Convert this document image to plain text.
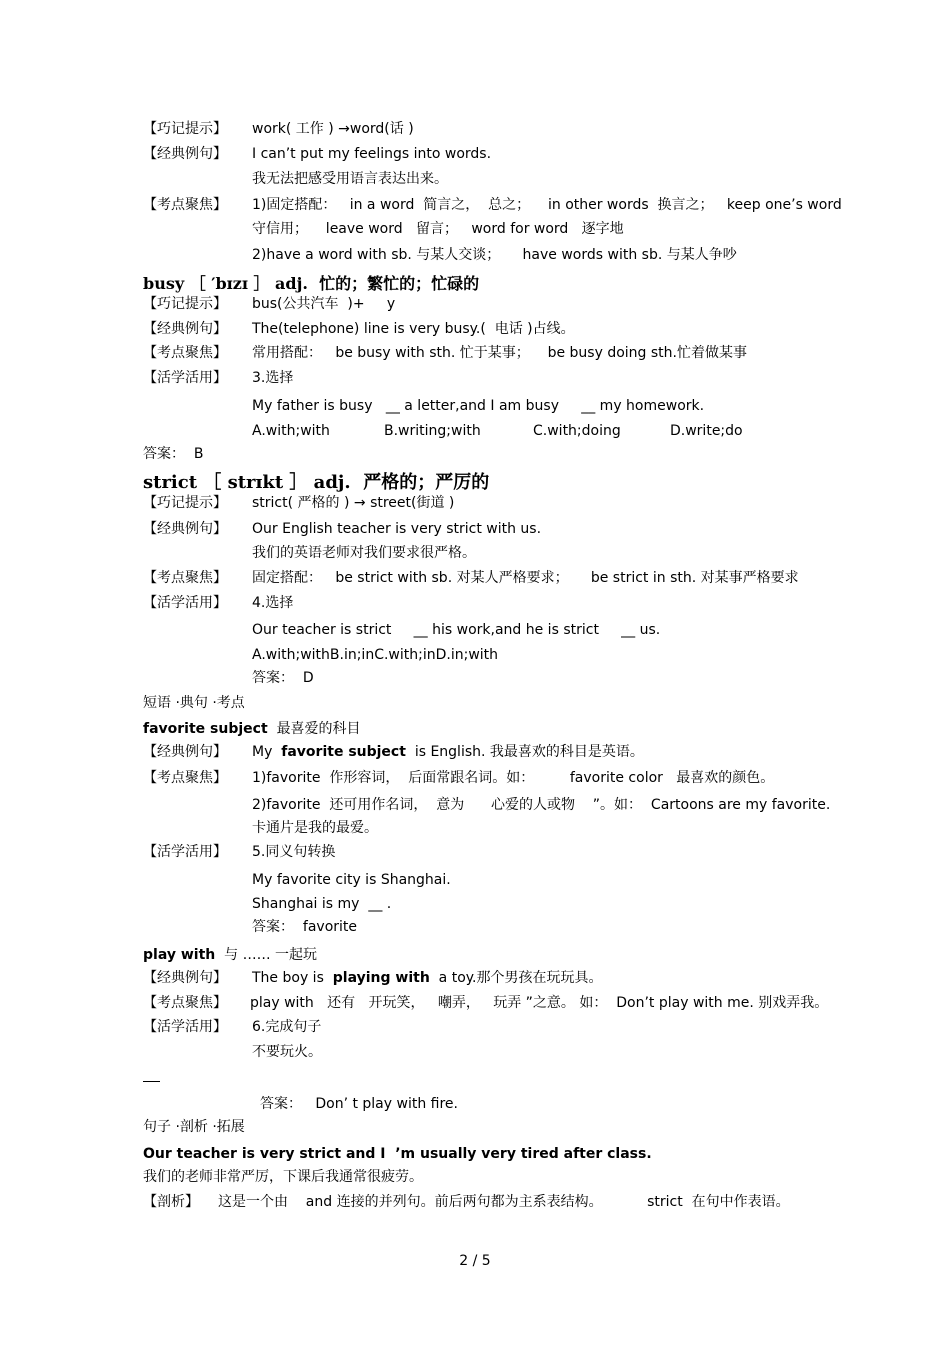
【巧记提示】 work( 工作 ) →word(话 )
【经典例句】 I can’t put my feelings into words.
我无法把感受用语言表达出来。
【考点聚焦】 1)固定搭配：   in a word  简言之，  总之；    in other words  换言之；   keep one’s word
守信用；    leave word   留言；   word for word   逐字地
2)have a word with sb. 与某人交谈；     have words with sb. 与某人争吵
busy ［ ′bɪzɪ ］ adj.  忙的；繁忙的；忙碌的
【巧记提示】 bus(公共汽车  )+     y
【经典例句】 The(telephone) line is very busy.(  电话 )占线。
【考点聚焦】 常用搭配：   be busy with sth. 忙于某事；    be busy doing sth.忙着做某事
【活学活用】 3.选择
My father is busy   __ a letter,and I am busy     __ my homework.
A.with;with	B.writing;with	C.with;doing	D.write;do
答案：  B
strict ［ strɪkt ］ adj.  严格的；严厉的
【巧记提示】 strict( 严格的 ) → street(街道 )
【经典例句】 Our English teacher is very strict with us.
我们的英语老师对我们要求很严格。
【考点聚焦】 固定搭配：   be strict with sb. 对某人严格要求；     be strict in sth. 对某事严格要求
【活学活用】 4.选择
Our teacher is strict     __ his work,and he is strict     __ us.
A.with;withB.in;inC.with;inD.in;with
答案：  D
短语 ·典句 ·考点
favorite subject 最喜爱的科目
【经典例句】 My  favorite subject  is English. 我最喜欢的科目是英语。
【考点聚焦】 1)favorite  作形容词，  后面常跟名词。如：        favorite color   最喜欢的颜色。
2)favorite  还可用作名词，  意为      心爱的人或物    ”。如：  Cartoons are my favorite.
卡通片是我的最爱。
【活学活用】 5.同义句转换
My favorite city is Shanghai.
Shanghai is my  __ .
答案：  favorite
play with 与 …… 一起玩
【经典例句】 The boy is  playing with  a toy.那个男孩在玩玩具。
【考点聚焦】 play with   还有   开玩笑，   嘲弄，   玩弄 ”之意。 如：  Don’t play with me. 别戏弄我。
【活学活用】 6.完成句子
不要玩火。
答案：   Don’ t play with fire.
句子 ·剖析 ·拓展
Our teacher is very strict and I  ’m usually very tired after class.
我们的老师非常严厉，下课后我通常很疲劳。
【剖析】 这是一个由    and 连接的并列句。前后两句都为主系表结构。          strict  在句中作表语。
2 / 5
